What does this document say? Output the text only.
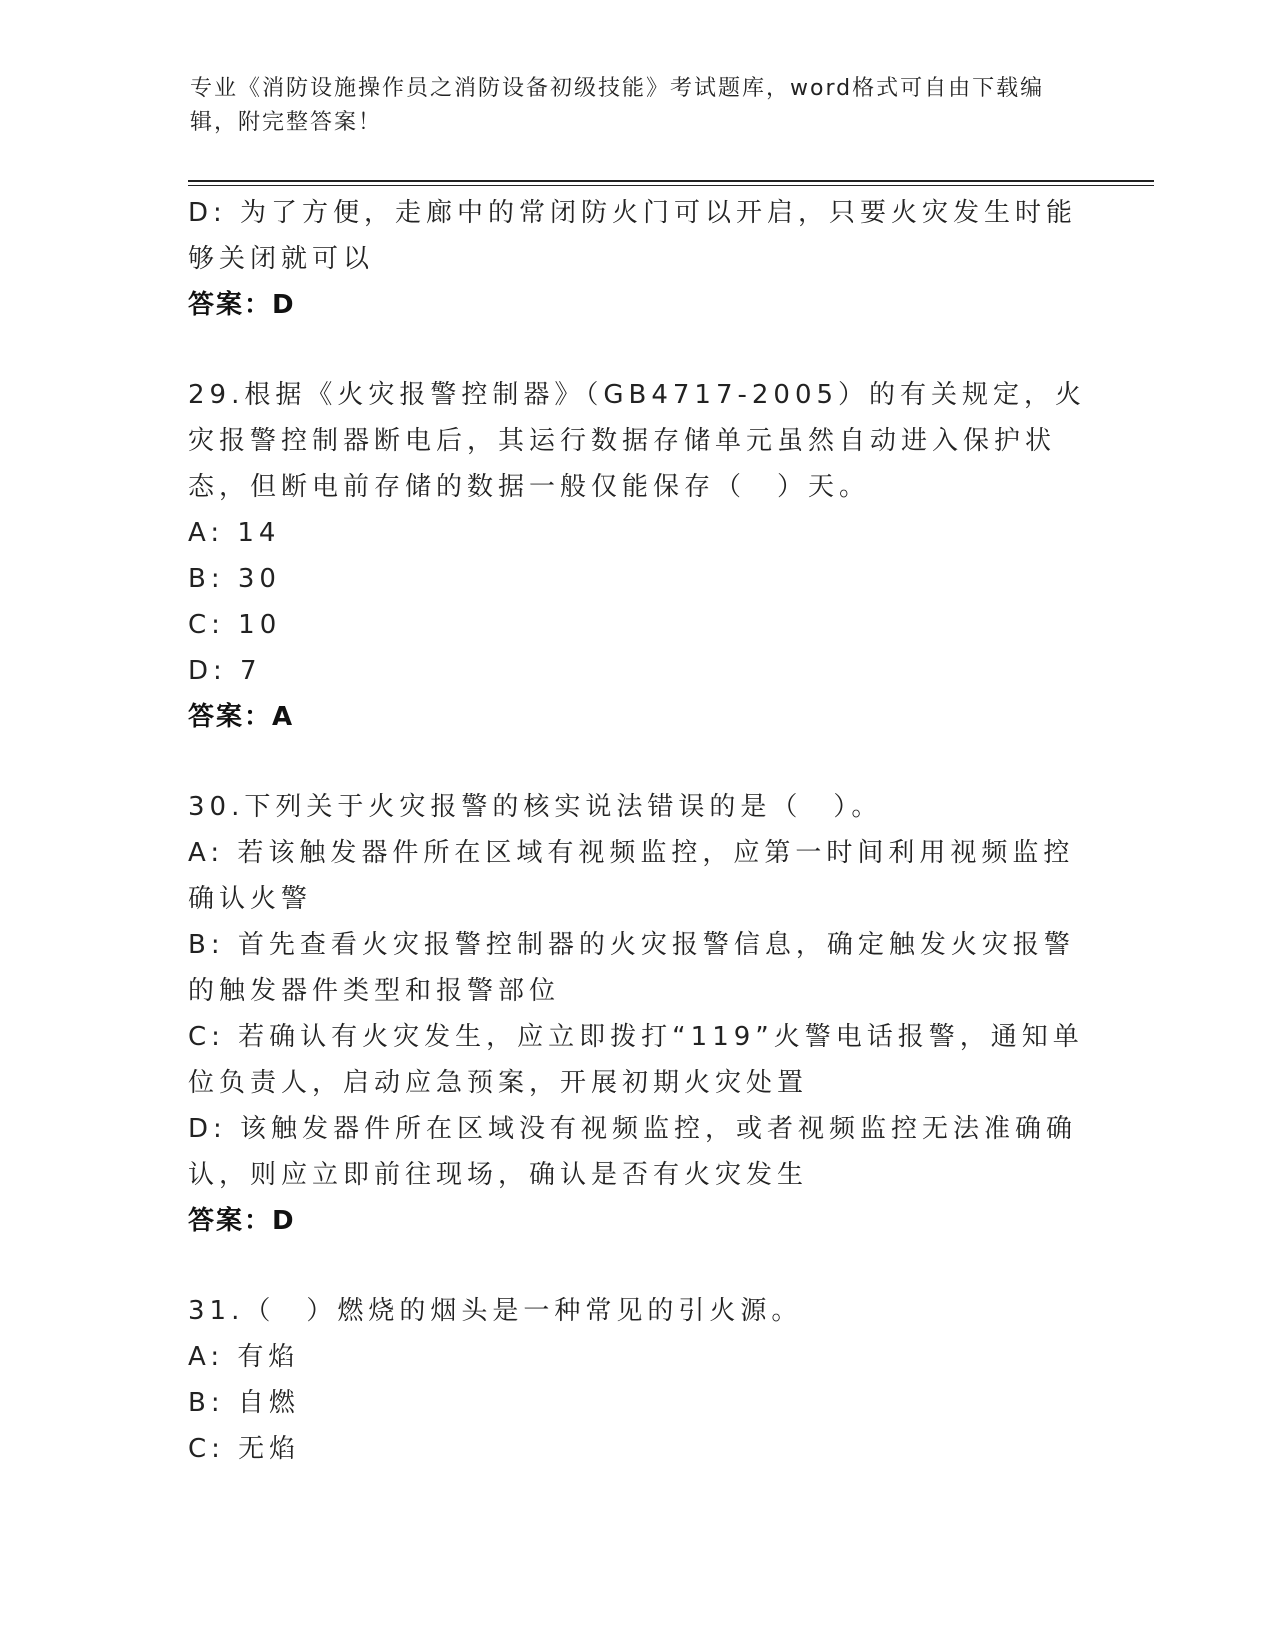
专业《消防设施操作员之消防设备初级技能》考试题库，word格式可自由下载编辑，附完整答案！
D: 为了方便，走廊中的常闭防火门可以开启，只要火灾发生时能够关闭就可以
答案：D
29.根据《火灾报警控制器》（GB4717-2005）的有关规定，火灾报警控制器断电后，其运行数据存储单元虽然自动进入保护状态，但断电前存储的数据一般仅能保存（　）天。
A: 14
B: 30
C: 10
D: 7
答案：A
30.下列关于火灾报警的核实说法错误的是（　）。
A: 若该触发器件所在区域有视频监控，应第一时间利用视频监控确认火警
B: 首先查看火灾报警控制器的火灾报警信息，确定触发火灾报警的触发器件类型和报警部位
C: 若确认有火灾发生，应立即拨打“119”火警电话报警，通知单位负责人，启动应急预案，开展初期火灾处置
D: 该触发器件所在区域没有视频监控，或者视频监控无法准确确认，则应立即前往现场，确认是否有火灾发生
答案：D
31.（　）燃烧的烟头是一种常见的引火源。
A: 有焰
B: 自燃
C: 无焰
